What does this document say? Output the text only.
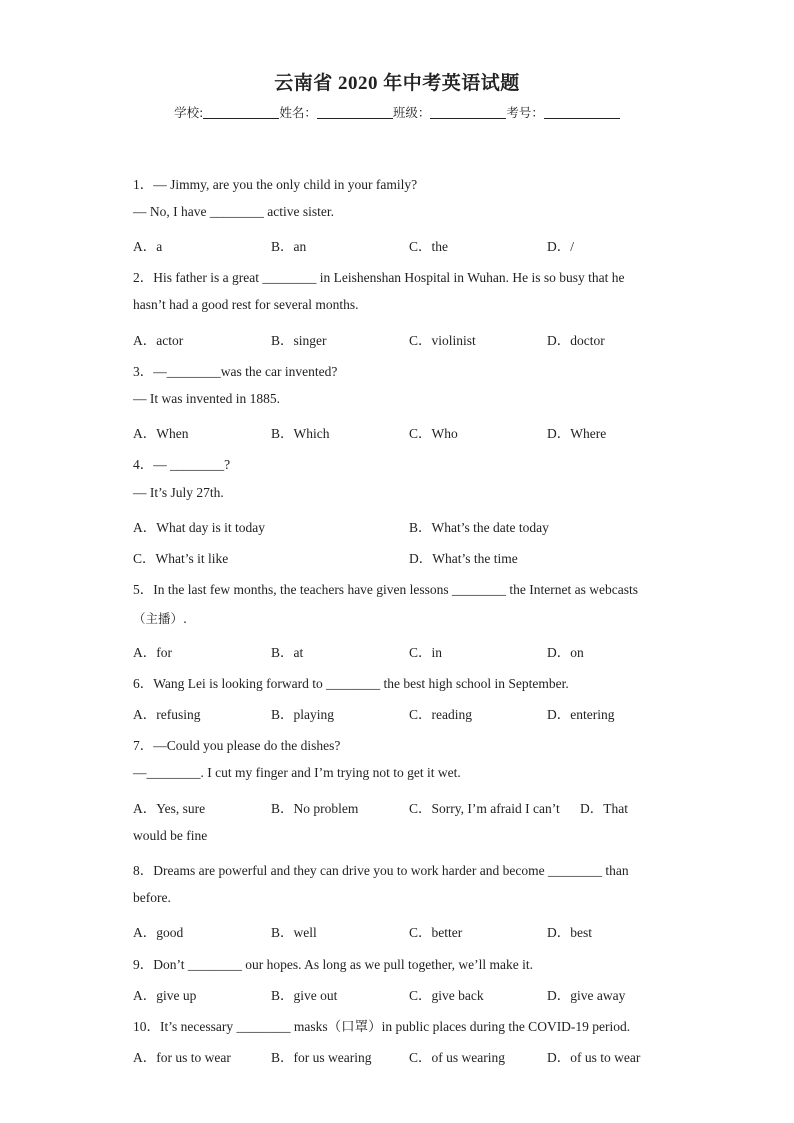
云南省 2020 年中考英语试题
学校:	姓名：	班级：	考号：
1．— Jimmy, are you the only child in your family?
— No, I have ________ active sister.
A．a	B．an	C．the	D．/
2．His father is a great ________ in Leishenshan Hospital in Wuhan. He is so busy that he
hasn’t had a good rest for several months.
A．actor	B．singer	C．violinist	D．doctor
3．—________was the car invented?
— It was invented in 1885.
A．When	B．Which	C．Who	D．Where
4．— ________?
— It’s July 27th.
A．What day is it today	B．What’s the date today
C．What’s it like	D．What’s the time
5．In the last few months, the teachers have given lessons ________ the Internet as webcasts
（主播）.
A．for	B．at	C．in	D．on
6．Wang Lei is looking forward to ________ the best high school in September.
A．refusing	B．playing	C．reading	D．entering
7．—Could you please do the dishes?
—________. I cut my finger and I’m trying not to get it wet.
A．Yes, sure	B．No problem	C．Sorry, I’m afraid I can’t D．That
would be fine
8．Dreams are powerful and they can drive you to work harder and become ________ than
before.
A．good	B．well	C．better	D．best
9．Don’t ________ our hopes. As long as we pull together, we’ll make it.
A．give up	B．give out	C．give back	D．give away
10．It’s necessary ________ masks（口罩）in public places during the COVID-19 period.
A．for us to wear	B．for us wearing	C．of us wearing	D．of us to wear
